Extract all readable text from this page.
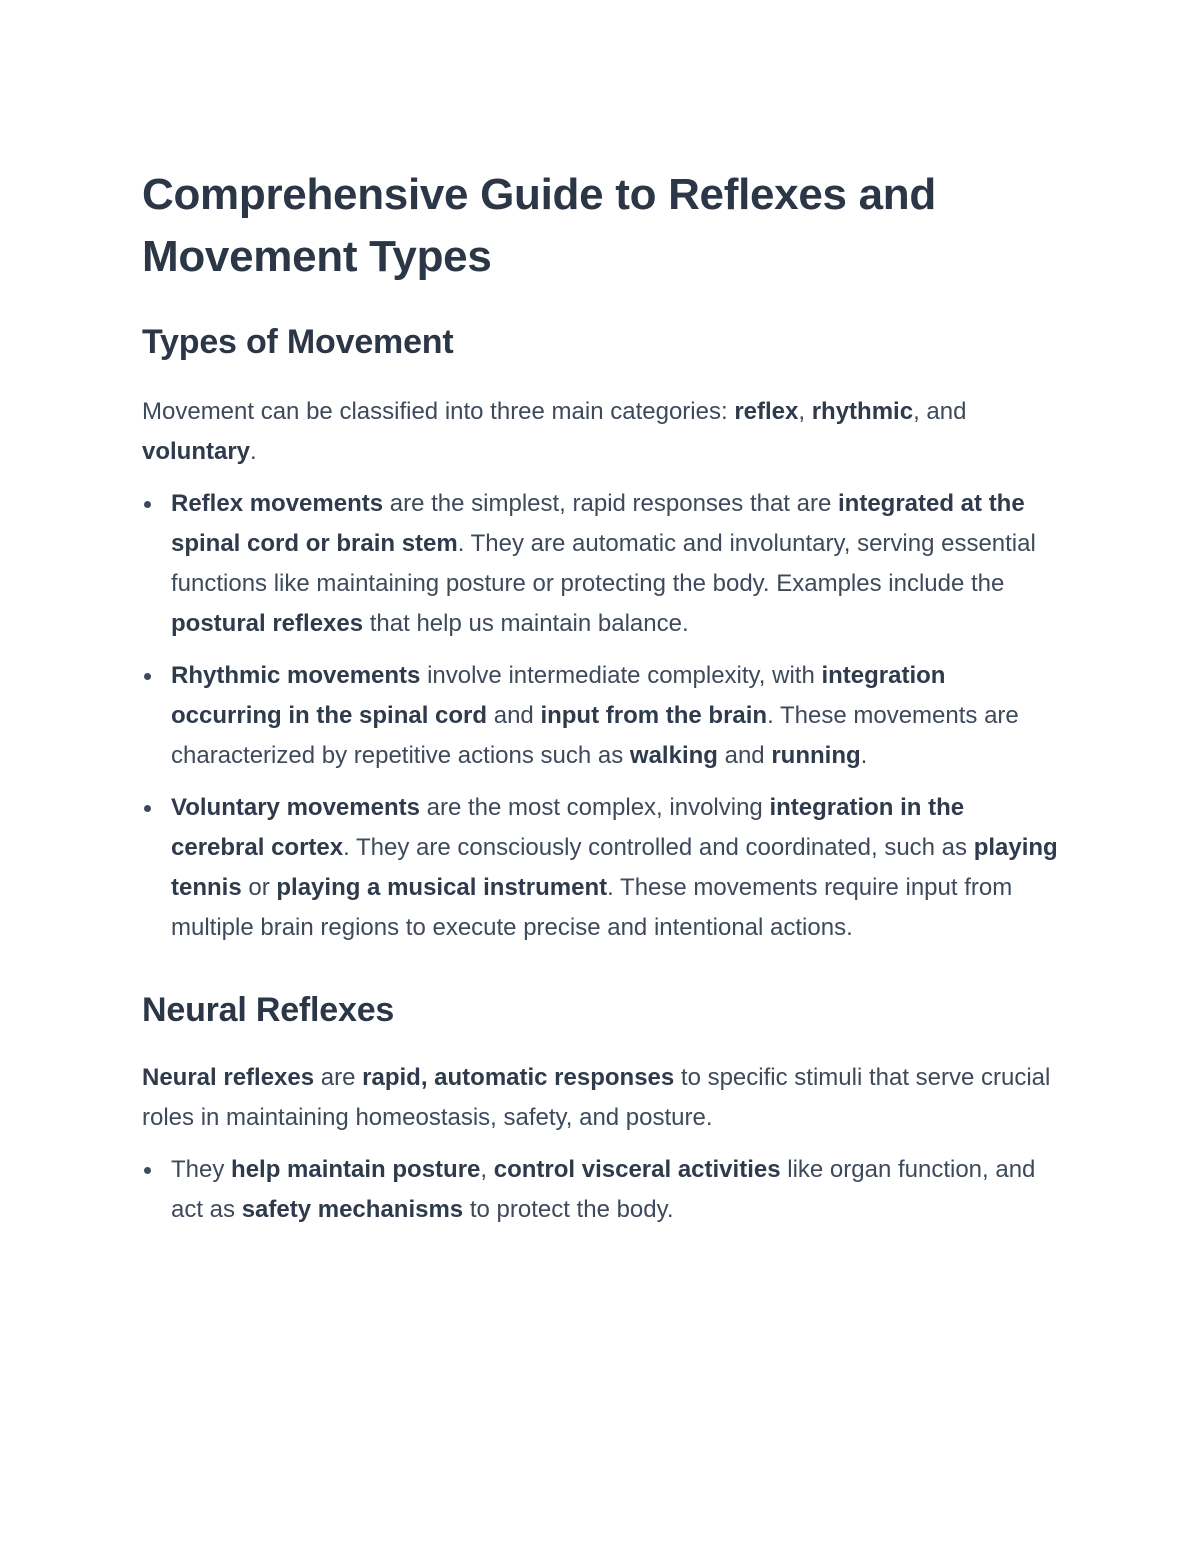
Comprehensive Guide to Reflexes and Movement Types
Types of Movement

Movement can be classified into three main categories: reflex, rhythmic, and voluntary.

Reflex movements are the simplest, rapid responses that are integrated at the spinal cord or brain stem. They are automatic and involuntary, serving essential functions like maintaining posture or protecting the body. Examples include the postural reflexes that help us maintain balance.
Rhythmic movements involve intermediate complexity, with integration occurring in the spinal cord and input from the brain. These movements are characterized by repetitive actions such as walking and running.
Voluntary movements are the most complex, involving integration in the cerebral cortex. They are consciously controlled and coordinated, such as playing tennis or playing a musical instrument. These movements require input from multiple brain regions to execute precise and intentional actions.
Neural Reflexes

Neural reflexes are rapid, automatic responses to specific stimuli that serve crucial roles in maintaining homeostasis, safety, and posture.

They help maintain posture, control visceral activities like organ function, and act as safety mechanisms to protect the body.
